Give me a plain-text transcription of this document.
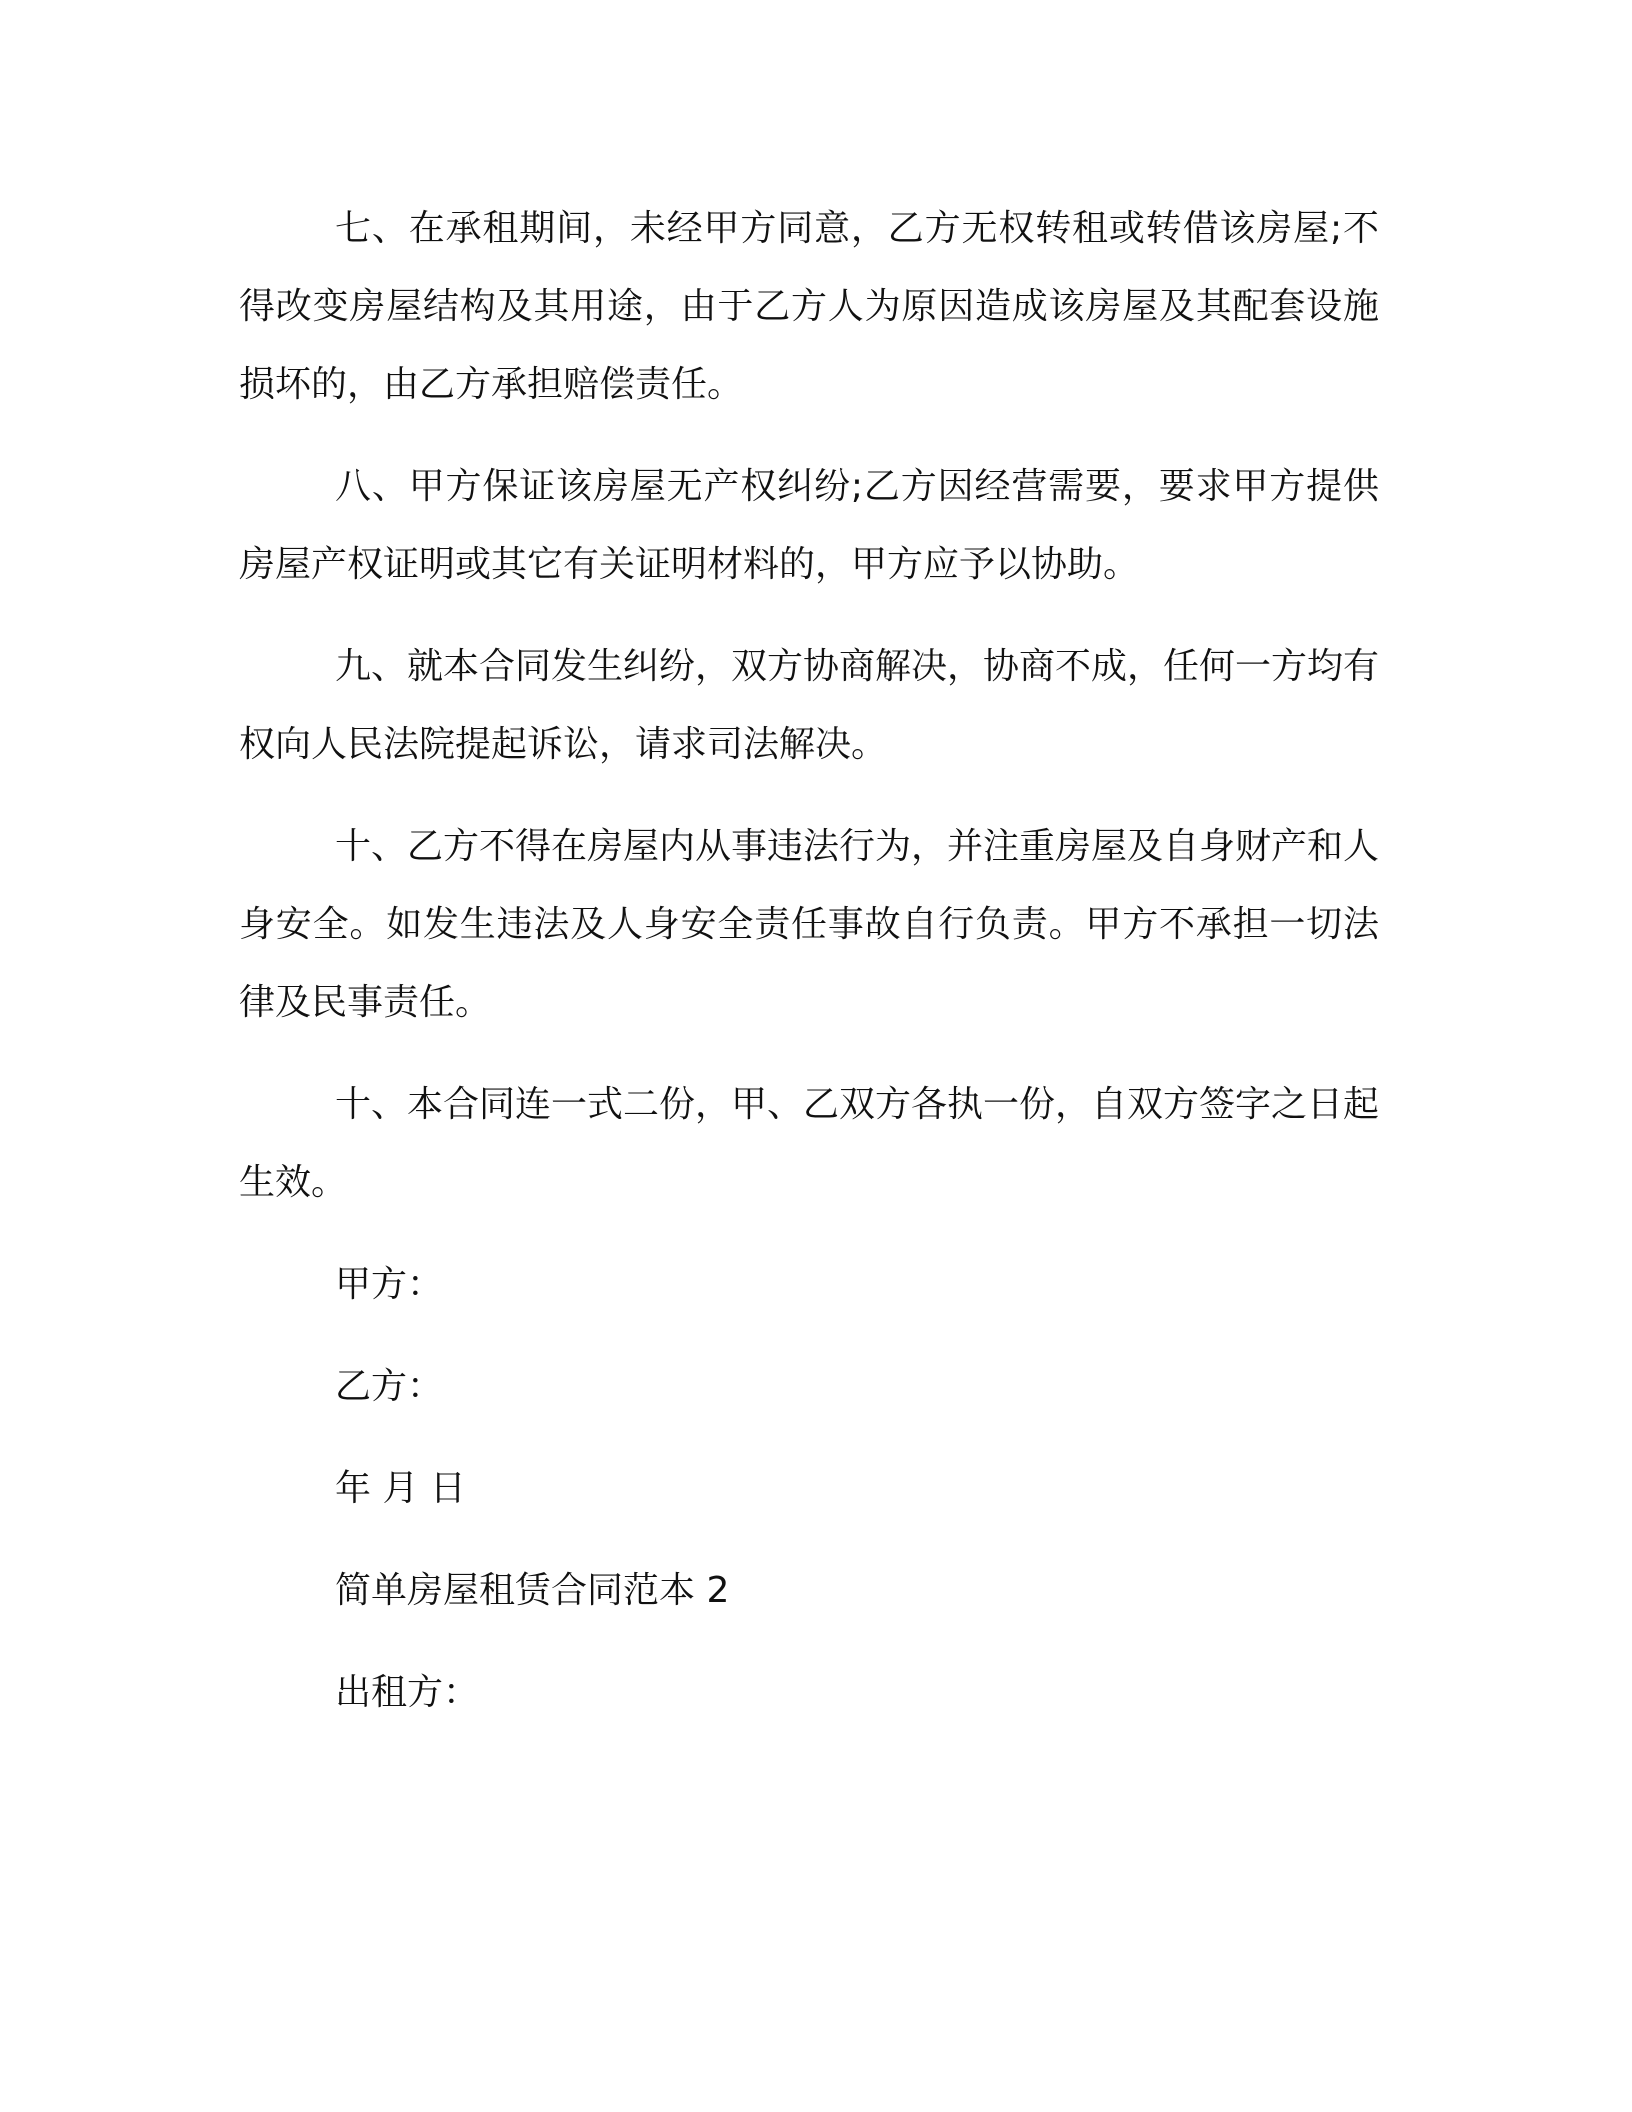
七、在承租期间，未经甲方同意，乙方无权转租或转借该房屋;不得改变房屋结构及其用途，由于乙方人为原因造成该房屋及其配套设施损坏的，由乙方承担赔偿责任。

八、甲方保证该房屋无产权纠纷;乙方因经营需要，要求甲方提供房屋产权证明或其它有关证明材料的，甲方应予以协助。

九、就本合同发生纠纷，双方协商解决，协商不成，任何一方均有权向人民法院提起诉讼，请求司法解决。

十、乙方不得在房屋内从事违法行为，并注重房屋及自身财产和人身安全。如发生违法及人身安全责任事故自行负责。甲方不承担一切法律及民事责任。

十、本合同连一式二份，甲、乙双方各执一份，自双方签字之日起生效。

甲方：
乙方：
年 月 日
简单房屋租赁合同范本 2
出租方：
